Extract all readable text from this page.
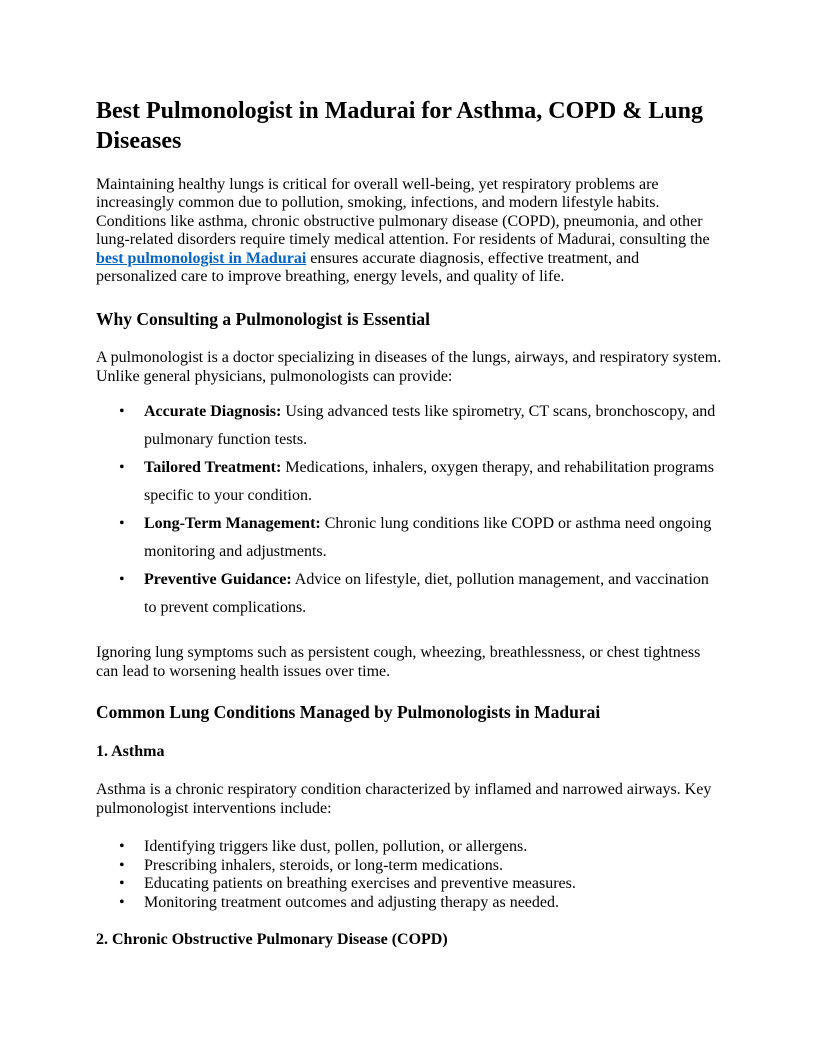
Best Pulmonologist in Madurai for Asthma, COPD & Lung Diseases

Maintaining healthy lungs is critical for overall well-being, yet respiratory problems are increasingly common due to pollution, smoking, infections, and modern lifestyle habits. Conditions like asthma, chronic obstructive pulmonary disease (COPD), pneumonia, and other lung-related disorders require timely medical attention. For residents of Madurai, consulting the best pulmonologist in Madurai ensures accurate diagnosis, effective treatment, and personalized care to improve breathing, energy levels, and quality of life.

Why Consulting a Pulmonologist is Essential

A pulmonologist is a doctor specializing in diseases of the lungs, airways, and respiratory system. Unlike general physicians, pulmonologists can provide:

• Accurate Diagnosis: Using advanced tests like spirometry, CT scans, bronchoscopy, and pulmonary function tests.
• Tailored Treatment: Medications, inhalers, oxygen therapy, and rehabilitation programs specific to your condition.
• Long-Term Management: Chronic lung conditions like COPD or asthma need ongoing monitoring and adjustments.
• Preventive Guidance: Advice on lifestyle, diet, pollution management, and vaccination to prevent complications.

Ignoring lung symptoms such as persistent cough, wheezing, breathlessness, or chest tightness can lead to worsening health issues over time.

Common Lung Conditions Managed by Pulmonologists in Madurai
1. Asthma

Asthma is a chronic respiratory condition characterized by inflamed and narrowed airways. Key pulmonologist interventions include:

• Identifying triggers like dust, pollen, pollution, or allergens.
• Prescribing inhalers, steroids, or long-term medications.
• Educating patients on breathing exercises and preventive measures.
• Monitoring treatment outcomes and adjusting therapy as needed.
2. Chronic Obstructive Pulmonary Disease (COPD)
